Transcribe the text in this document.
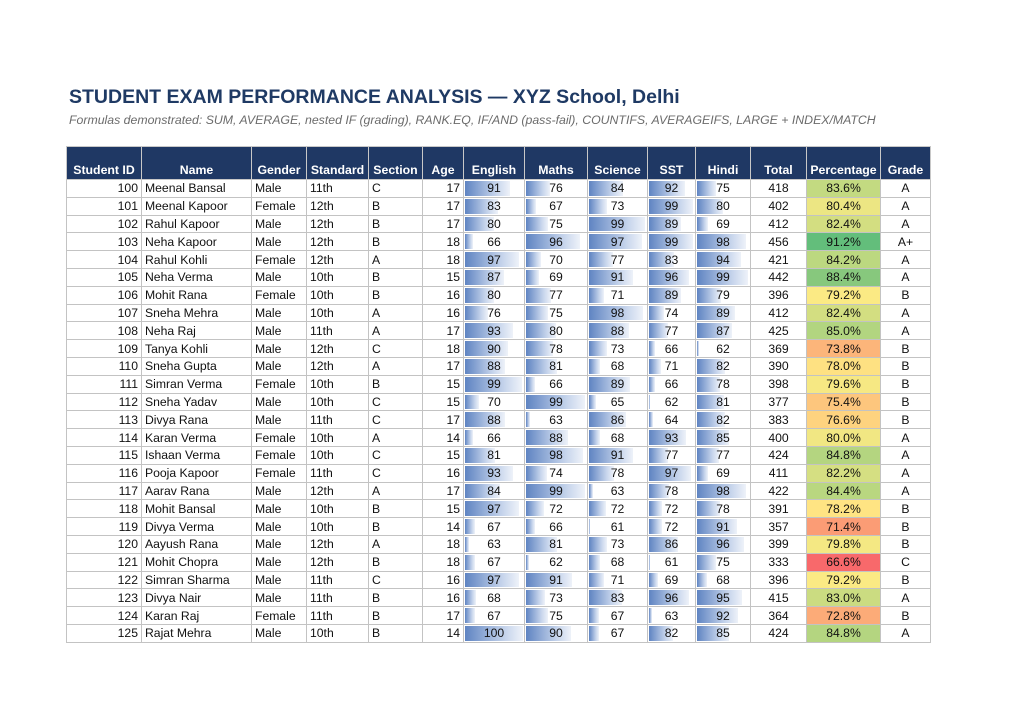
STUDENT EXAM PERFORMANCE ANALYSIS — XYZ School, Delhi
Formulas demonstrated: SUM, AVERAGE, nested IF (grading), RANK.EQ, IF/AND (pass-fail), COUNTIFS, AVERAGEIFS, LARGE + INDEX/MATCH
Student ID	Name	Gender	Standard	Section	Age	English	Maths	Science	SST	Hindi	Total	Percentage	Grade
100	Meenal Bansal	Male	11th	C	17	91	76	84	92	75	418	83.6%	A
101	Meenal Kapoor	Female	12th	B	17	83	67	73	99	80	402	80.4%	A
102	Rahul Kapoor	Male	12th	B	17	80	75	99	89	69	412	82.4%	A
103	Neha Kapoor	Male	12th	B	18	66	96	97	99	98	456	91.2%	A+
104	Rahul Kohli	Female	12th	A	18	97	70	77	83	94	421	84.2%	A
105	Neha Verma	Male	10th	B	15	87	69	91	96	99	442	88.4%	A
106	Mohit Rana	Female	10th	B	16	80	77	71	89	79	396	79.2%	B
107	Sneha Mehra	Male	10th	A	16	76	75	98	74	89	412	82.4%	A
108	Neha Raj	Male	11th	A	17	93	80	88	77	87	425	85.0%	A
109	Tanya Kohli	Male	12th	C	18	90	78	73	66	62	369	73.8%	B
110	Sneha Gupta	Male	12th	A	17	88	81	68	71	82	390	78.0%	B
111	Simran Verma	Female	10th	B	15	99	66	89	66	78	398	79.6%	B
112	Sneha Yadav	Male	10th	C	15	70	99	65	62	81	377	75.4%	B
113	Divya Rana	Male	11th	C	17	88	63	86	64	82	383	76.6%	B
114	Karan Verma	Female	10th	A	14	66	88	68	93	85	400	80.0%	A
115	Ishaan Verma	Female	10th	C	15	81	98	91	77	77	424	84.8%	A
116	Pooja Kapoor	Female	11th	C	16	93	74	78	97	69	411	82.2%	A
117	Aarav Rana	Male	12th	A	17	84	99	63	78	98	422	84.4%	A
118	Mohit Bansal	Male	10th	B	15	97	72	72	72	78	391	78.2%	B
119	Divya Verma	Male	10th	B	14	67	66	61	72	91	357	71.4%	B
120	Aayush Rana	Male	12th	A	18	63	81	73	86	96	399	79.8%	B
121	Mohit Chopra	Male	12th	B	18	67	62	68	61	75	333	66.6%	C
122	Simran Sharma	Male	11th	C	16	97	91	71	69	68	396	79.2%	B
123	Divya Nair	Male	11th	B	16	68	73	83	96	95	415	83.0%	A
124	Karan Raj	Female	11th	B	17	67	75	67	63	92	364	72.8%	B
125	Rajat Mehra	Male	10th	B	14	100	90	67	82	85	424	84.8%	A
